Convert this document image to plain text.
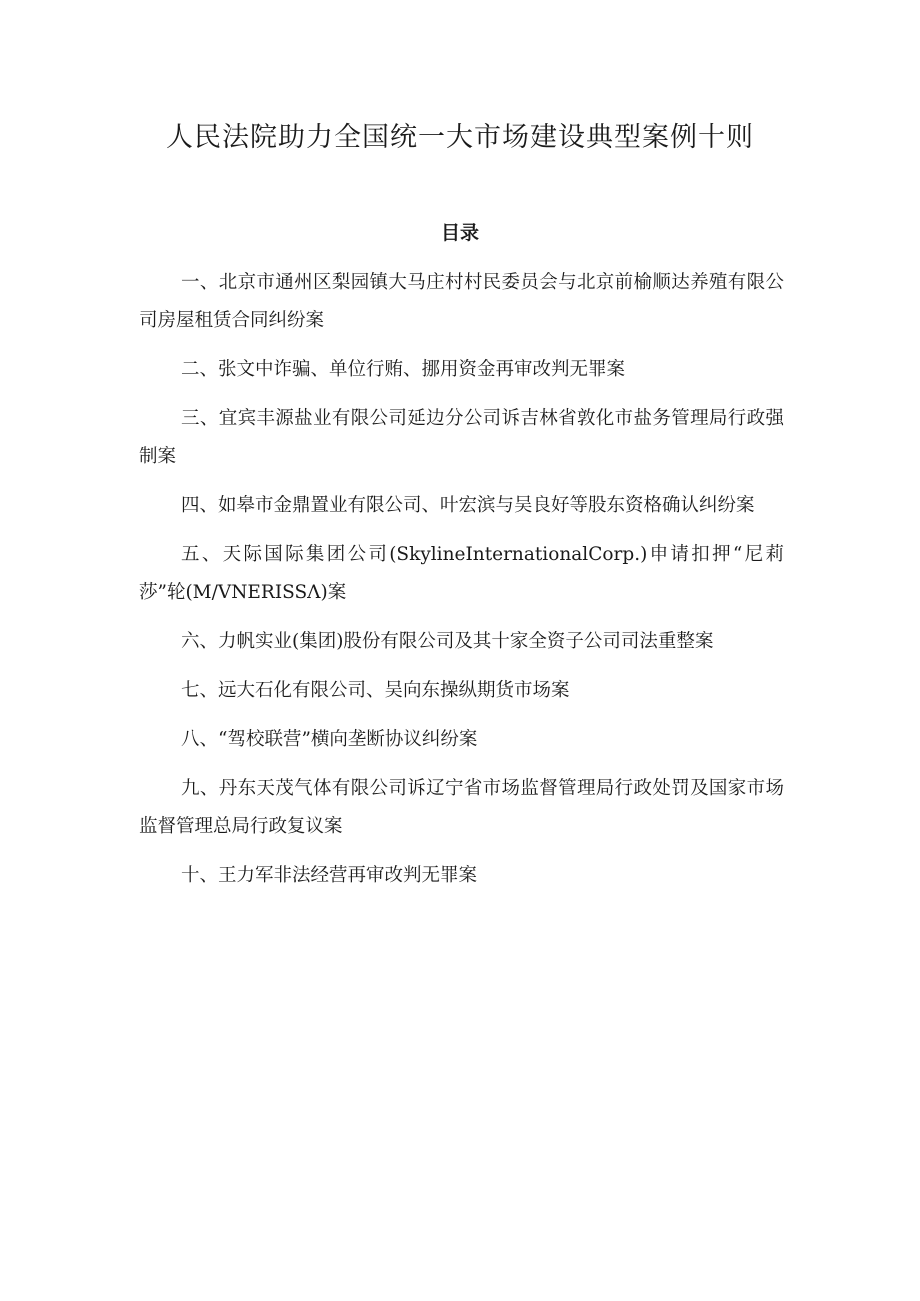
人民法院助力全国统一大市场建设典型案例十则
目录
一、北京市通州区梨园镇大马庄村村民委员会与北京前榆顺达养殖有限公司房屋租赁合同纠纷案
二、张文中诈骗、单位行贿、挪用资金再审改判无罪案
三、宜宾丰源盐业有限公司延边分公司诉吉林省敦化市盐务管理局行政强制案
四、如皋市金鼎置业有限公司、叶宏滨与吴良好等股东资格确认纠纷案
五、天际国际集团公司(SkylineInternationalCorp.)申请扣押“尼莉莎”轮(M/VNERISSΛ)案
六、力帆实业(集团)股份有限公司及其十家全资子公司司法重整案
七、远大石化有限公司、吴向东操纵期货市场案
八、“驾校联营”横向垄断协议纠纷案
九、丹东天茂气体有限公司诉辽宁省市场监督管理局行政处罚及国家市场监督管理总局行政复议案
十、王力军非法经营再审改判无罪案
